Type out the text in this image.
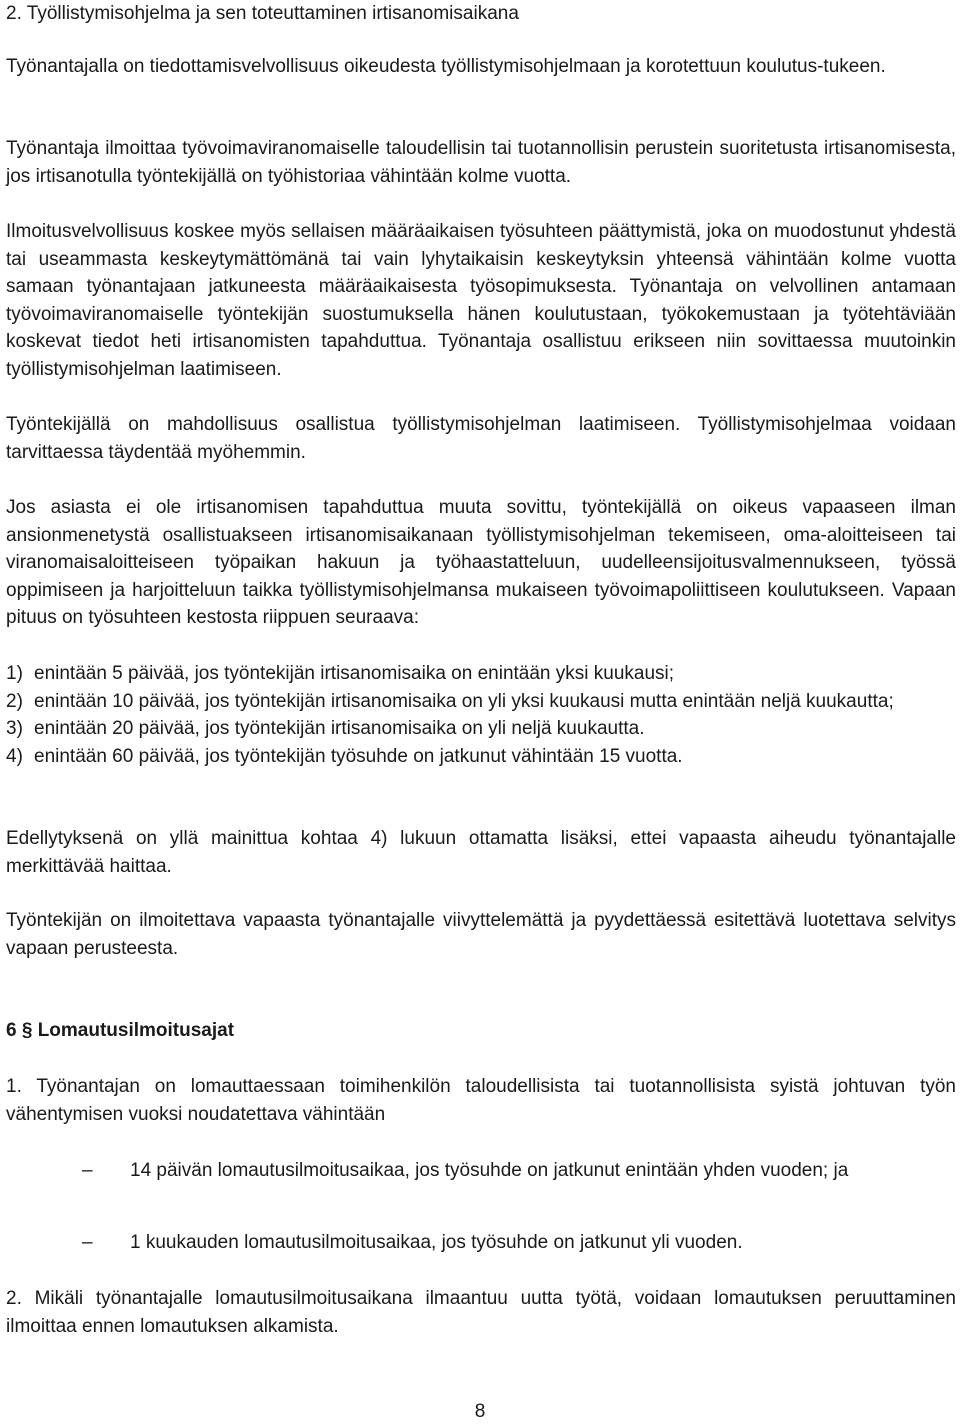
2. Työllistymisohjelma ja sen toteuttaminen irtisanomisaikana

Työnantajalla on tiedottamisvelvollisuus oikeudesta työllistymisohjelmaan ja korotettuun koulutus-tukeen.

Työnantaja ilmoittaa työvoimaviranomaiselle taloudellisin tai tuotannollisin perustein suoritetusta irtisanomisesta, jos irtisanotulla työntekijällä on työhistoriaa vähintään kolme vuotta.

Ilmoitusvelvollisuus koskee myös sellaisen määräaikaisen työsuhteen päättymistä, joka on muodostunut yhdestä tai useammasta keskeytymättömänä tai vain lyhytaikaisin keskeytyksin yhteensä vähintään kolme vuotta samaan työnantajaan jatkuneesta määräaikaisesta työsopimuksesta. Työnantaja on velvollinen antamaan työvoimaviranomaiselle työntekijän suostumuksella hänen koulutustaan, työkokemustaan ja työtehtäviään koskevat tiedot heti irtisanomisten tapahduttua. Työnantaja osallistuu erikseen niin sovittaessa muutoinkin työllistymisohjelman laatimiseen.

Työntekijällä on mahdollisuus osallistua työllistymisohjelman laatimiseen. Työllistymisohjelmaa voidaan tarvittaessa täydentää myöhemmin.

Jos asiasta ei ole irtisanomisen tapahduttua muuta sovittu, työntekijällä on oikeus vapaaseen ilman ansionmenetystä osallistuakseen irtisanomisaikanaan työllistymisohjelman tekemiseen, oma-aloitteiseen tai viranomaisaloitteiseen työpaikan hakuun ja työhaastatteluun, uudelleensijoitusvalmennukseen, työssä oppimiseen ja harjoitteluun taikka työllistymisohjelmansa mukaiseen työvoimapoliittiseen koulutukseen. Vapaan pituus on työsuhteen kestosta riippuen seuraava:

1) enintään 5 päivää, jos työntekijän irtisanomisaika on enintään yksi kuukausi;
2) enintään 10 päivää, jos työntekijän irtisanomisaika on yli yksi kuukausi mutta enintään neljä kuukautta;
3) enintään 20 päivää, jos työntekijän irtisanomisaika on yli neljä kuukautta.
4) enintään 60 päivää, jos työntekijän työsuhde on jatkunut vähintään 15 vuotta.

Edellytyksenä on yllä mainittua kohtaa 4) lukuun ottamatta lisäksi, ettei vapaasta aiheudu työnantajalle merkittävää haittaa.

Työntekijän on ilmoitettava vapaasta työnantajalle viivyttelemättä ja pyydettäessä esitettävä luotettava selvitys vapaan perusteesta.

6 § Lomautusilmoitusajat

1. Työnantajan on lomauttaessaan toimihenkilön taloudellisista tai tuotannollisista syistä johtuvan työn vähentymisen vuoksi noudatettava vähintään

–	14 päivän lomautusilmoitusaikaa, jos työsuhde on jatkunut enintään yhden vuoden; ja
–	1 kuukauden lomautusilmoitusaikaa, jos työsuhde on jatkunut yli vuoden.

2. Mikäli työnantajalle lomautusilmoitusaikana ilmaantuu uutta työtä, voidaan lomautuksen peruuttaminen ilmoittaa ennen lomautuksen alkamista.

8
